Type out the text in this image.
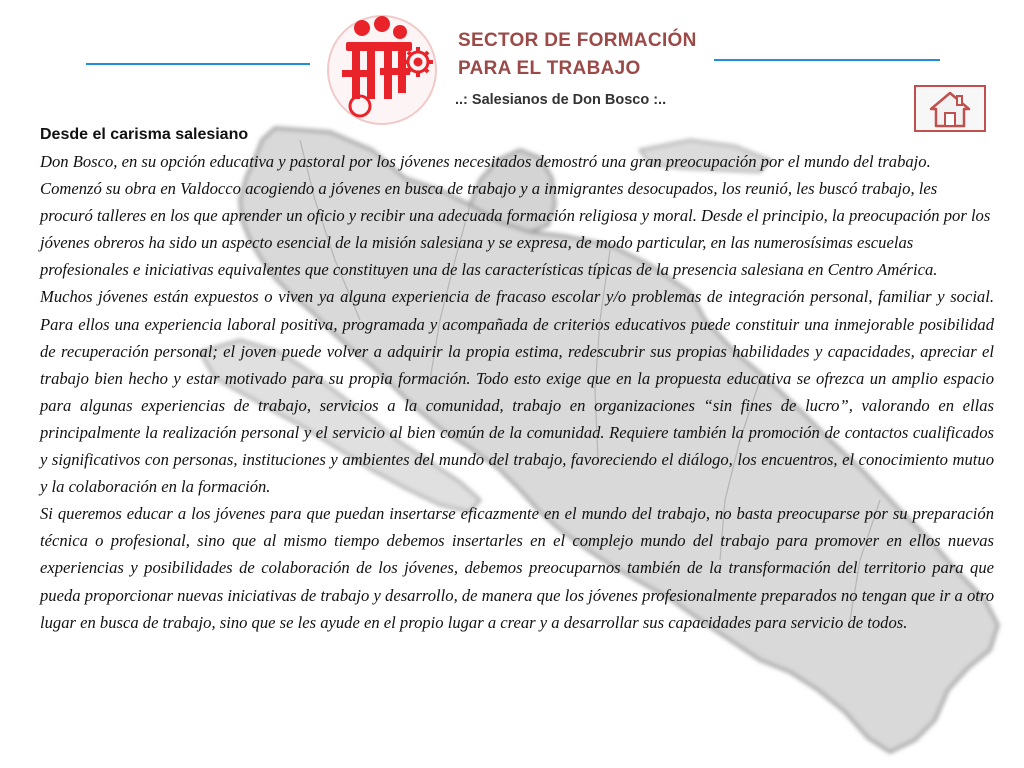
SECTOR DE FORMACIÓN
PARA EL TRABAJO
..: Salesianos de Don Bosco :..
Desde el carisma salesiano

Don Bosco, en su opción educativa y pastoral por los jóvenes necesitados demostró una gran preocupación por el mundo del trabajo.

Comenzó su obra en Valdocco acogiendo a jóvenes en busca de trabajo y a inmigrantes desocupados, los reunió, les buscó trabajo, les procuró talleres en los que aprender un oficio y recibir una adecuada formación religiosa y moral. Desde el principio, la preocupación por los jóvenes obreros ha sido un aspecto esencial de la misión salesiana y se expresa, de modo particular, en las numerosísimas escuelas profesionales e iniciativas equivalentes que constituyen una de las características típicas de la presencia salesiana en Centro América.

Muchos jóvenes están expuestos o viven ya alguna experiencia de fracaso escolar y/o problemas de integración personal, familiar y social. Para ellos una experiencia laboral positiva, programada y acompañada de criterios educativos puede constituir una inmejorable posibilidad de recuperación personal; el joven puede volver a adquirir la propia estima, redescubrir sus propias habilidades y capacidades, apreciar el trabajo bien hecho y estar motivado para su propia formación. Todo esto exige que en la propuesta educativa se ofrezca un amplio espacio para algunas experiencias de trabajo, servicios a la comunidad, trabajo en organizaciones “sin fines de lucro”, valorando en ellas principalmente la realización personal y el servicio al bien común de la comunidad. Requiere también la promoción de contactos cualificados y significativos con personas, instituciones y ambientes del mundo del trabajo, favoreciendo el diálogo, los encuentros, el conocimiento mutuo y la colaboración en la formación.

Si queremos educar a los jóvenes para que puedan insertarse eficazmente en el mundo del trabajo, no basta preocuparse por su preparación técnica o profesional, sino que al mismo tiempo debemos insertarles en el complejo mundo del trabajo para promover en ellos nuevas experiencias y posibilidades de colaboración de los jóvenes, debemos preocuparnos también de la transformación del territorio para que pueda proporcionar nuevas iniciativas de trabajo y desarrollo, de manera que los jóvenes profesionalmente preparados no tengan que ir a otro lugar en busca de trabajo, sino que se les ayude en el propio lugar a crear y a desarrollar sus capacidades para servicio de todos.
